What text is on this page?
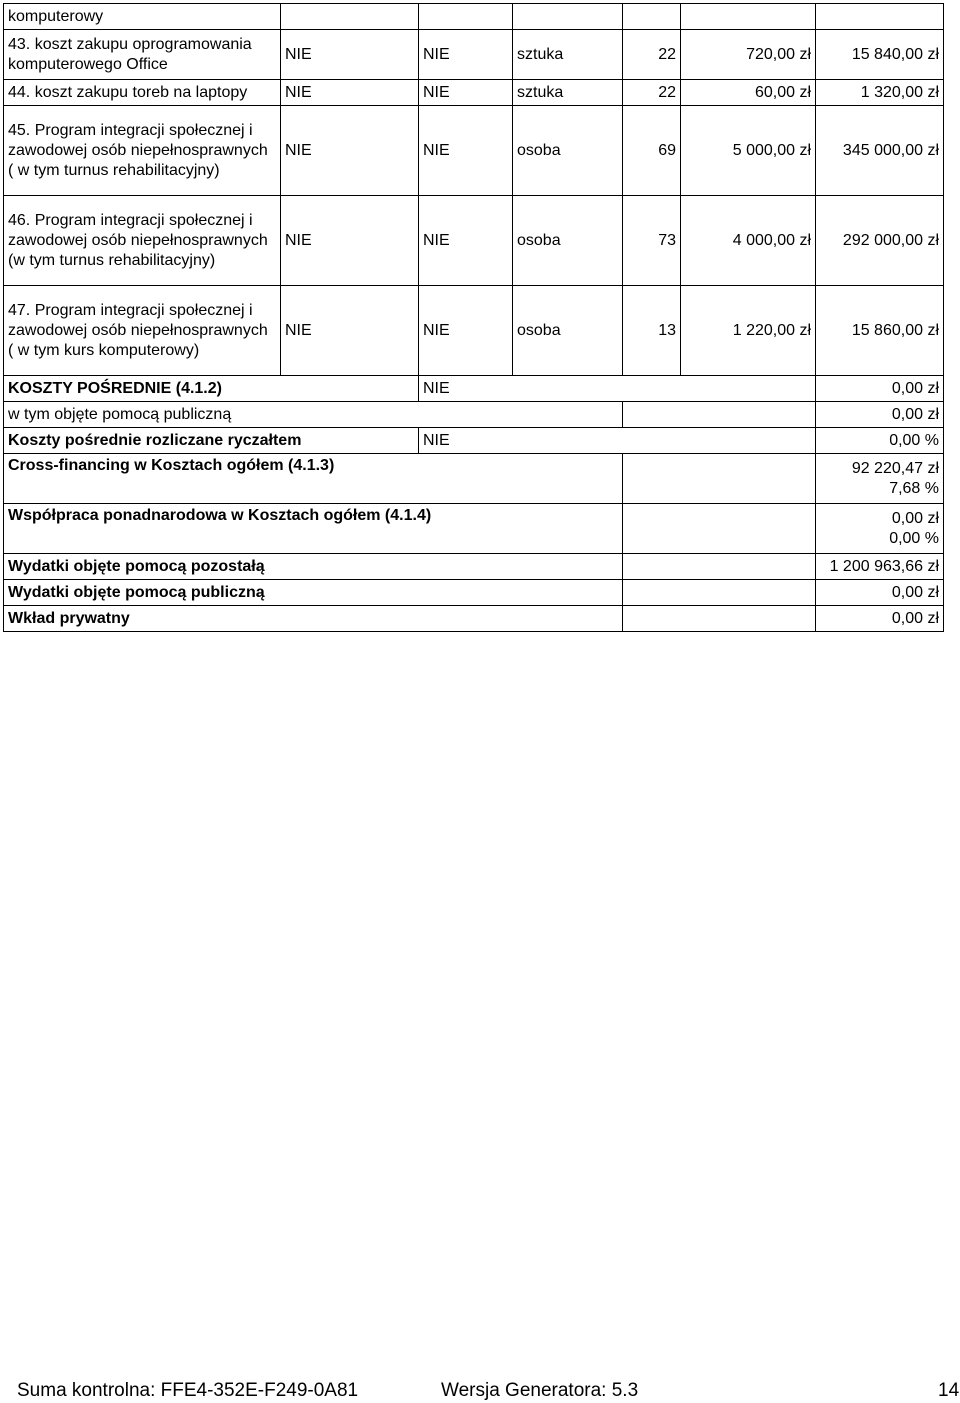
komputerowy						
43. koszt zakupu oprogramowania komputerowego Office	NIE	NIE	sztuka	22	720,00 zł	15 840,00 zł
44. koszt zakupu toreb na laptopy	NIE	NIE	sztuka	22	60,00 zł	1 320,00 zł
45. Program integracji społecznej i zawodowej osób niepełnosprawnych ( w tym turnus rehabilitacyjny)	NIE	NIE	osoba	69	5 000,00 zł	345 000,00 zł
46. Program integracji społecznej i zawodowej osób niepełnosprawnych (w tym turnus rehabilitacyjny)	NIE	NIE	osoba	73	4 000,00 zł	292 000,00 zł
47. Program integracji społecznej i zawodowej osób niepełnosprawnych ( w tym kurs komputerowy)	NIE	NIE	osoba	13	1 220,00 zł	15 860,00 zł
KOSZTY POŚREDNIE (4.1.2)		NIE				0,00 zł
w tym objęte pomocą publiczną						0,00 zł
Koszty pośrednie rozliczane ryczałtem		NIE				0,00 %
Cross-financing w Kosztach ogółem (4.1.3)						92 220,47 zł
7,68 %

Współpraca ponadnarodowa w Kosztach ogółem (4.1.4)						0,00 zł
0,00 %

Wydatki objęte pomocą pozostałą						1 200 963,66 zł
Wydatki objęte pomocą publiczną						0,00 zł
Wkład prywatny						0,00 zł
Suma kontrolna: FFE4-352E-F249-0A81	Wersja Generatora: 5.3	14
